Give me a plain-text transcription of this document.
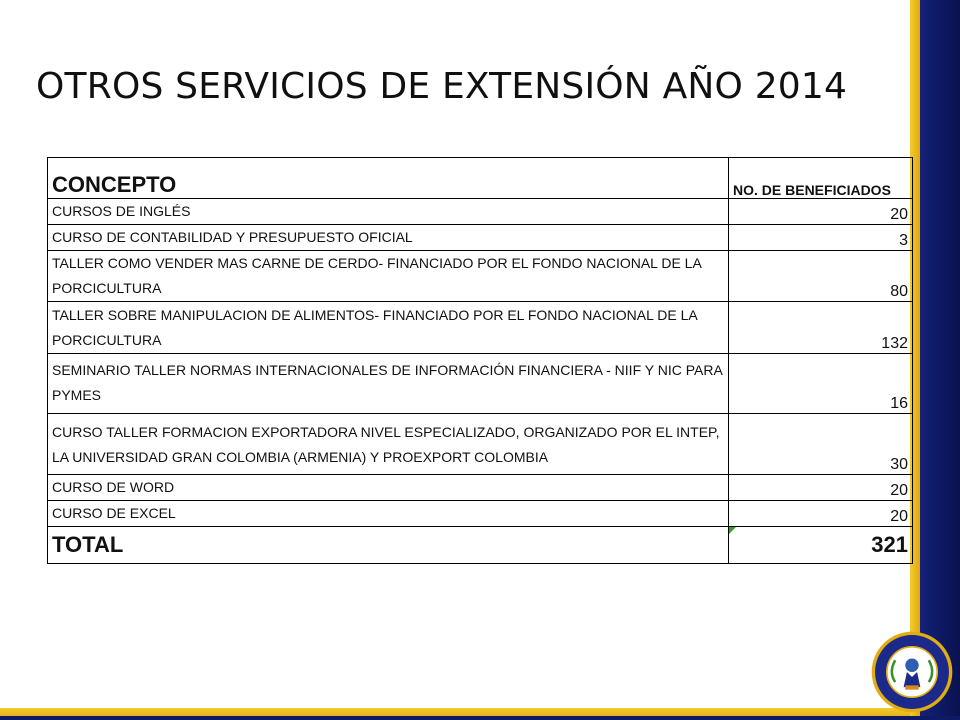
OTROS SERVICIOS DE EXTENSIÓN AÑO 2014
CONCEPTO	NO. DE BENEFICIADOS
CURSOS DE INGLÉS	20
CURSO DE CONTABILIDAD Y PRESUPUESTO OFICIAL	3
TALLER COMO VENDER MAS CARNE DE CERDO- FINANCIADO POR EL FONDO NACIONAL DE LA PORCICULTURA	80
TALLER SOBRE MANIPULACION DE ALIMENTOS- FINANCIADO POR EL FONDO NACIONAL DE LA PORCICULTURA	132
SEMINARIO TALLER NORMAS INTERNACIONALES DE INFORMACIÓN FINANCIERA - NIIF Y NIC PARA PYMES	16
CURSO TALLER FORMACION EXPORTADORA NIVEL ESPECIALIZADO, ORGANIZADO POR EL INTEP, LA UNIVERSIDAD GRAN COLOMBIA (ARMENIA) Y PROEXPORT COLOMBIA	30
CURSO DE WORD	20
CURSO DE EXCEL	20
TOTAL	321
